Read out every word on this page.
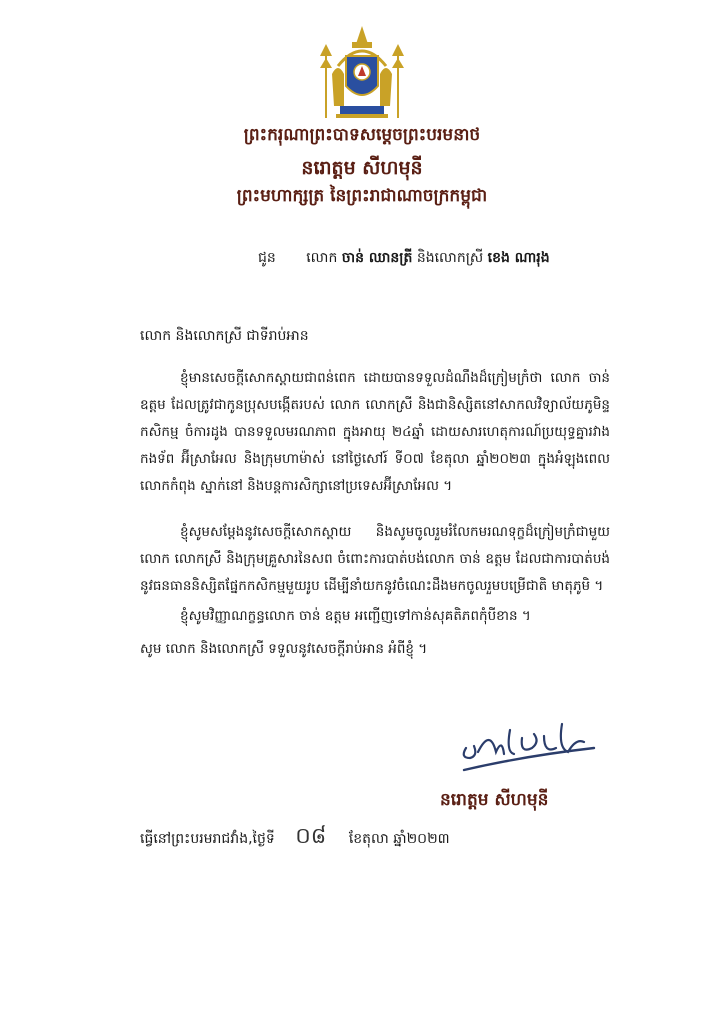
ព្រះករុណាព្រះបាទសម្តេចព្រះបរមនាថ
នរោត្តម សីហមុនី
ព្រះមហាក្សត្រ នៃព្រះរាជាណាចក្រកម្ពុជា
ជូន លោក ចាន់ ឈានត្រី និងលោកស្រី ខេង ណារុង
លោក និងលោកស្រី ជាទីរាប់អាន
ខ្ញុំមានសេចក្តីសោកស្តាយជាពន់ពេក ដោយបានទទួលដំណឹងដ៏ក្រៀមក្រំថា លោក ចាន់ ឧត្តម ដែលត្រូវជាកូនប្រុសបង្កើតរបស់ លោក លោកស្រី និងជានិស្សិតនៅសាកលវិទ្យាល័យភូមិន្ទកសិកម្ម ចំការដូង បានទទួលមរណភាព ក្នុងអាយុ ២៤ឆ្នាំ ដោយសារហេតុការណ៍ប្រយុទ្ធគ្នារវាងកងទ័ព អ៊ីស្រាអែល និងក្រុមហាម៉ាស់ នៅថ្ងៃសៅរ៍ ទី០៧ ខែតុលា ឆ្នាំ២០២៣ ក្នុងអំឡុងពេលលោកកំពុង ស្នាក់នៅ និងបន្តការសិក្សានៅប្រទេសអ៊ីស្រាអែល ។
ខ្ញុំសូមសម្តែងនូវសេចក្តីសោកស្តាយ និងសូមចូលរួមរំលែកមរណទុក្ខដ៏ក្រៀមក្រំជាមួយ លោក លោកស្រី និងក្រុមគ្រួសារនៃសព ចំពោះការបាត់បង់លោក ចាន់ ឧត្តម ដែលជាការបាត់បង់ នូវធនធាននិស្សិតផ្នែកកសិកម្មមួយរូប ដើម្បីនាំយកនូវចំណេះដឹងមកចូលរួមបម្រើជាតិ មាតុភូមិ ។
ខ្ញុំសូមវិញ្ញាណក្ខន្ធលោក ចាន់ ឧត្តម អញ្ជើញទៅកាន់សុគតិភពកុំបីខាន ។
សូម លោក និងលោកស្រី ទទួលនូវសេចក្តីរាប់អាន អំពីខ្ញុំ ។
នរោត្តម សីហមុនី
ធ្វើនៅព្រះបរមរាជវាំង,ថ្ងៃទី ០៨ ខែតុលា ឆ្នាំ២០២៣
